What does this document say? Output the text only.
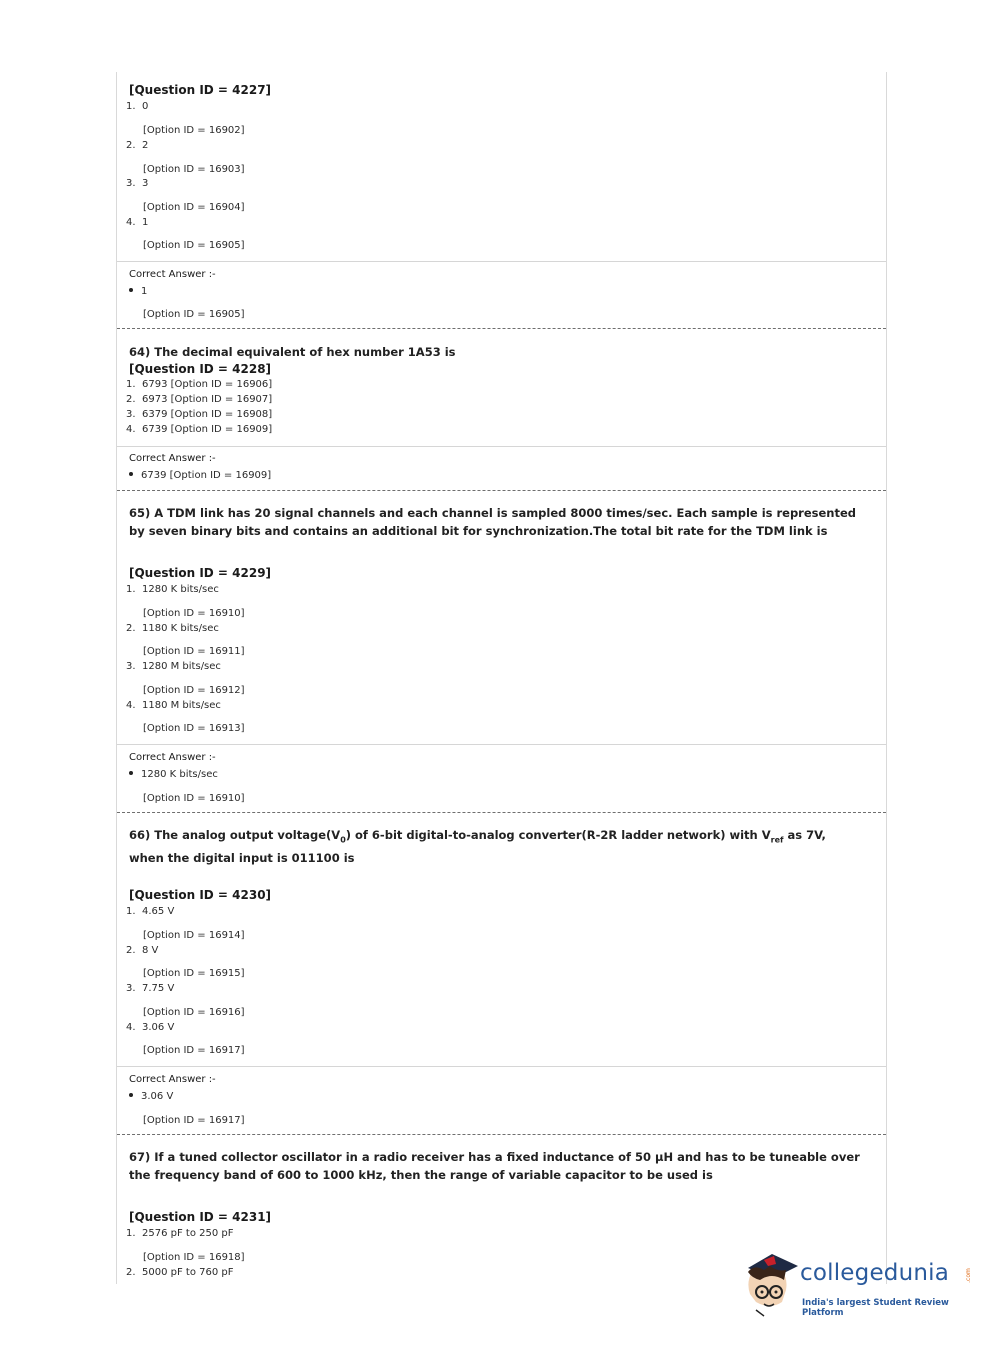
[Question ID = 4227]
1. 0
[Option ID = 16902]
2. 2
[Option ID = 16903]
3. 3
[Option ID = 16904]
4. 1
[Option ID = 16905]
Correct Answer :-
1
[Option ID = 16905]
64) The decimal equivalent of hex number 1A53 is
[Question ID = 4228]
1. 6793 [Option ID = 16906]
2. 6973 [Option ID = 16907]
3. 6379 [Option ID = 16908]
4. 6739 [Option ID = 16909]
Correct Answer :-
6739 [Option ID = 16909]
65) A TDM link has 20 signal channels and each channel is sampled 8000 times/sec. Each sample is represented by seven binary bits and contains an additional bit for synchronization.The total bit rate for the TDM link is
[Question ID = 4229]
1. 1280 K bits/sec
[Option ID = 16910]
2. 1180 K bits/sec
[Option ID = 16911]
3. 1280 M bits/sec
[Option ID = 16912]
4. 1180 M bits/sec
[Option ID = 16913]
Correct Answer :-
1280 K bits/sec
[Option ID = 16910]
66) The analog output $voltage(V_0)$ of 6-bit digital-to-analog converter(R-2R ladder network) with $V_{ref}$ as 7V, when the digital input is 011100 is
[Question ID = 4230]
1. 4.65 V
[Option ID = 16914]
2. 8 V
[Option ID = 16915]
3. 7.75 V
[Option ID = 16916]
4. 3.06 V
[Option ID = 16917]
Correct Answer :-
3.06 V
[Option ID = 16917]
67) If a tuned collector oscillator in a radio receiver has a fixed inductance of 50 μH and has to be tuneable over the frequency band of 600 to 1000 kHz, then the range of variable capacitor to be used is
[Question ID = 4231]
1. 2576 pF to 250 pF
[Option ID = 16918]
2. 5000 pF to 760 pF	collegedunia	.com
India's largest Student Review Platform
